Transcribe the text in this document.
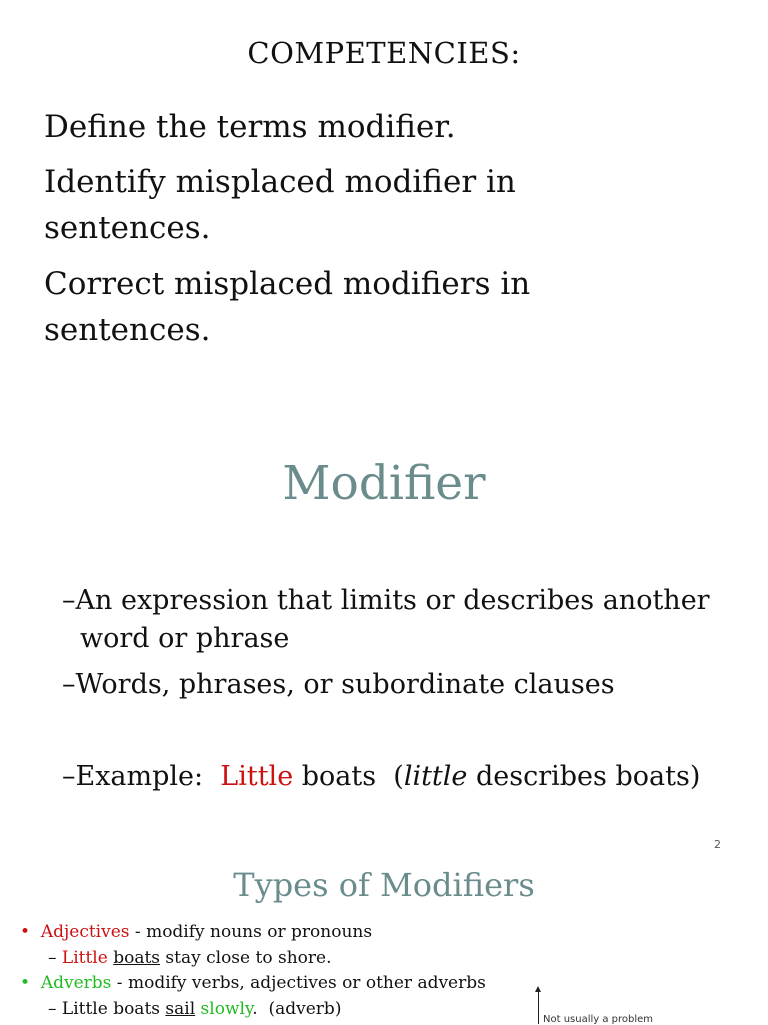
COMPETENCIES:
Define the terms modifier.
Identify misplaced modifier in sentences.
Correct misplaced modifiers in sentences.
Modifier
–An expression that limits or describes another word or phrase
–Words, phrases, or subordinate clauses
–Example:  Little boats  (little describes boats)
2
Types of Modifiers
• Adjectives - modify nouns or pronouns
– Little boats stay close to shore.
• Adverbs - modify verbs, adjectives or other adverbs
– Little boats sail slowly.  (adverb)
Not usually a problem
